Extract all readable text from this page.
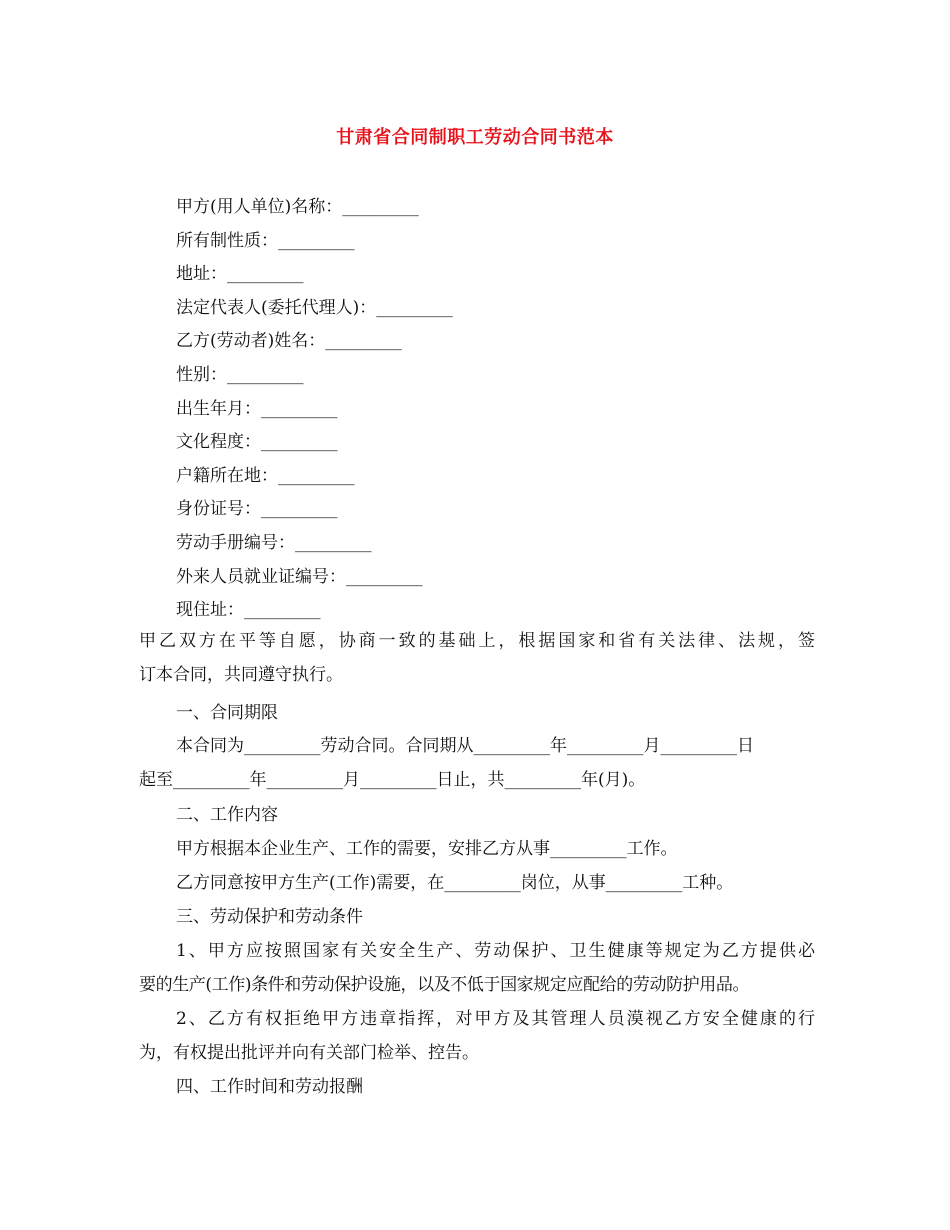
甘肃省合同制职工劳动合同书范本
甲方(用人单位)名称：_________
所有制性质：_________
地址：_________
法定代表人(委托代理人)：_________
乙方(劳动者)姓名：_________
性别：_________
出生年月：_________
文化程度：_________
户籍所在地：_________
身份证号：_________
劳动手册编号：_________
外来人员就业证编号：_________
现住址：_________
甲乙双方在平等自愿，协商一致的基础上，根据国家和省有关法律、法规，签
订本合同，共同遵守执行。
一、合同期限
本合同为_________劳动合同。合同期从_________年_________月_________日
起至_________年_________月_________日止，共_________年(月)。
二、工作内容
甲方根据本企业生产、工作的需要，安排乙方从事_________工作。
乙方同意按甲方生产(工作)需要，在_________岗位，从事_________工种。
三、劳动保护和劳动条件
1、甲方应按照国家有关安全生产、劳动保护、卫生健康等规定为乙方提供必
要的生产(工作)条件和劳动保护设施，以及不低于国家规定应配给的劳动防护用品。
2、乙方有权拒绝甲方违章指挥，对甲方及其管理人员漠视乙方安全健康的行
为，有权提出批评并向有关部门检举、控告。
四、工作时间和劳动报酬
